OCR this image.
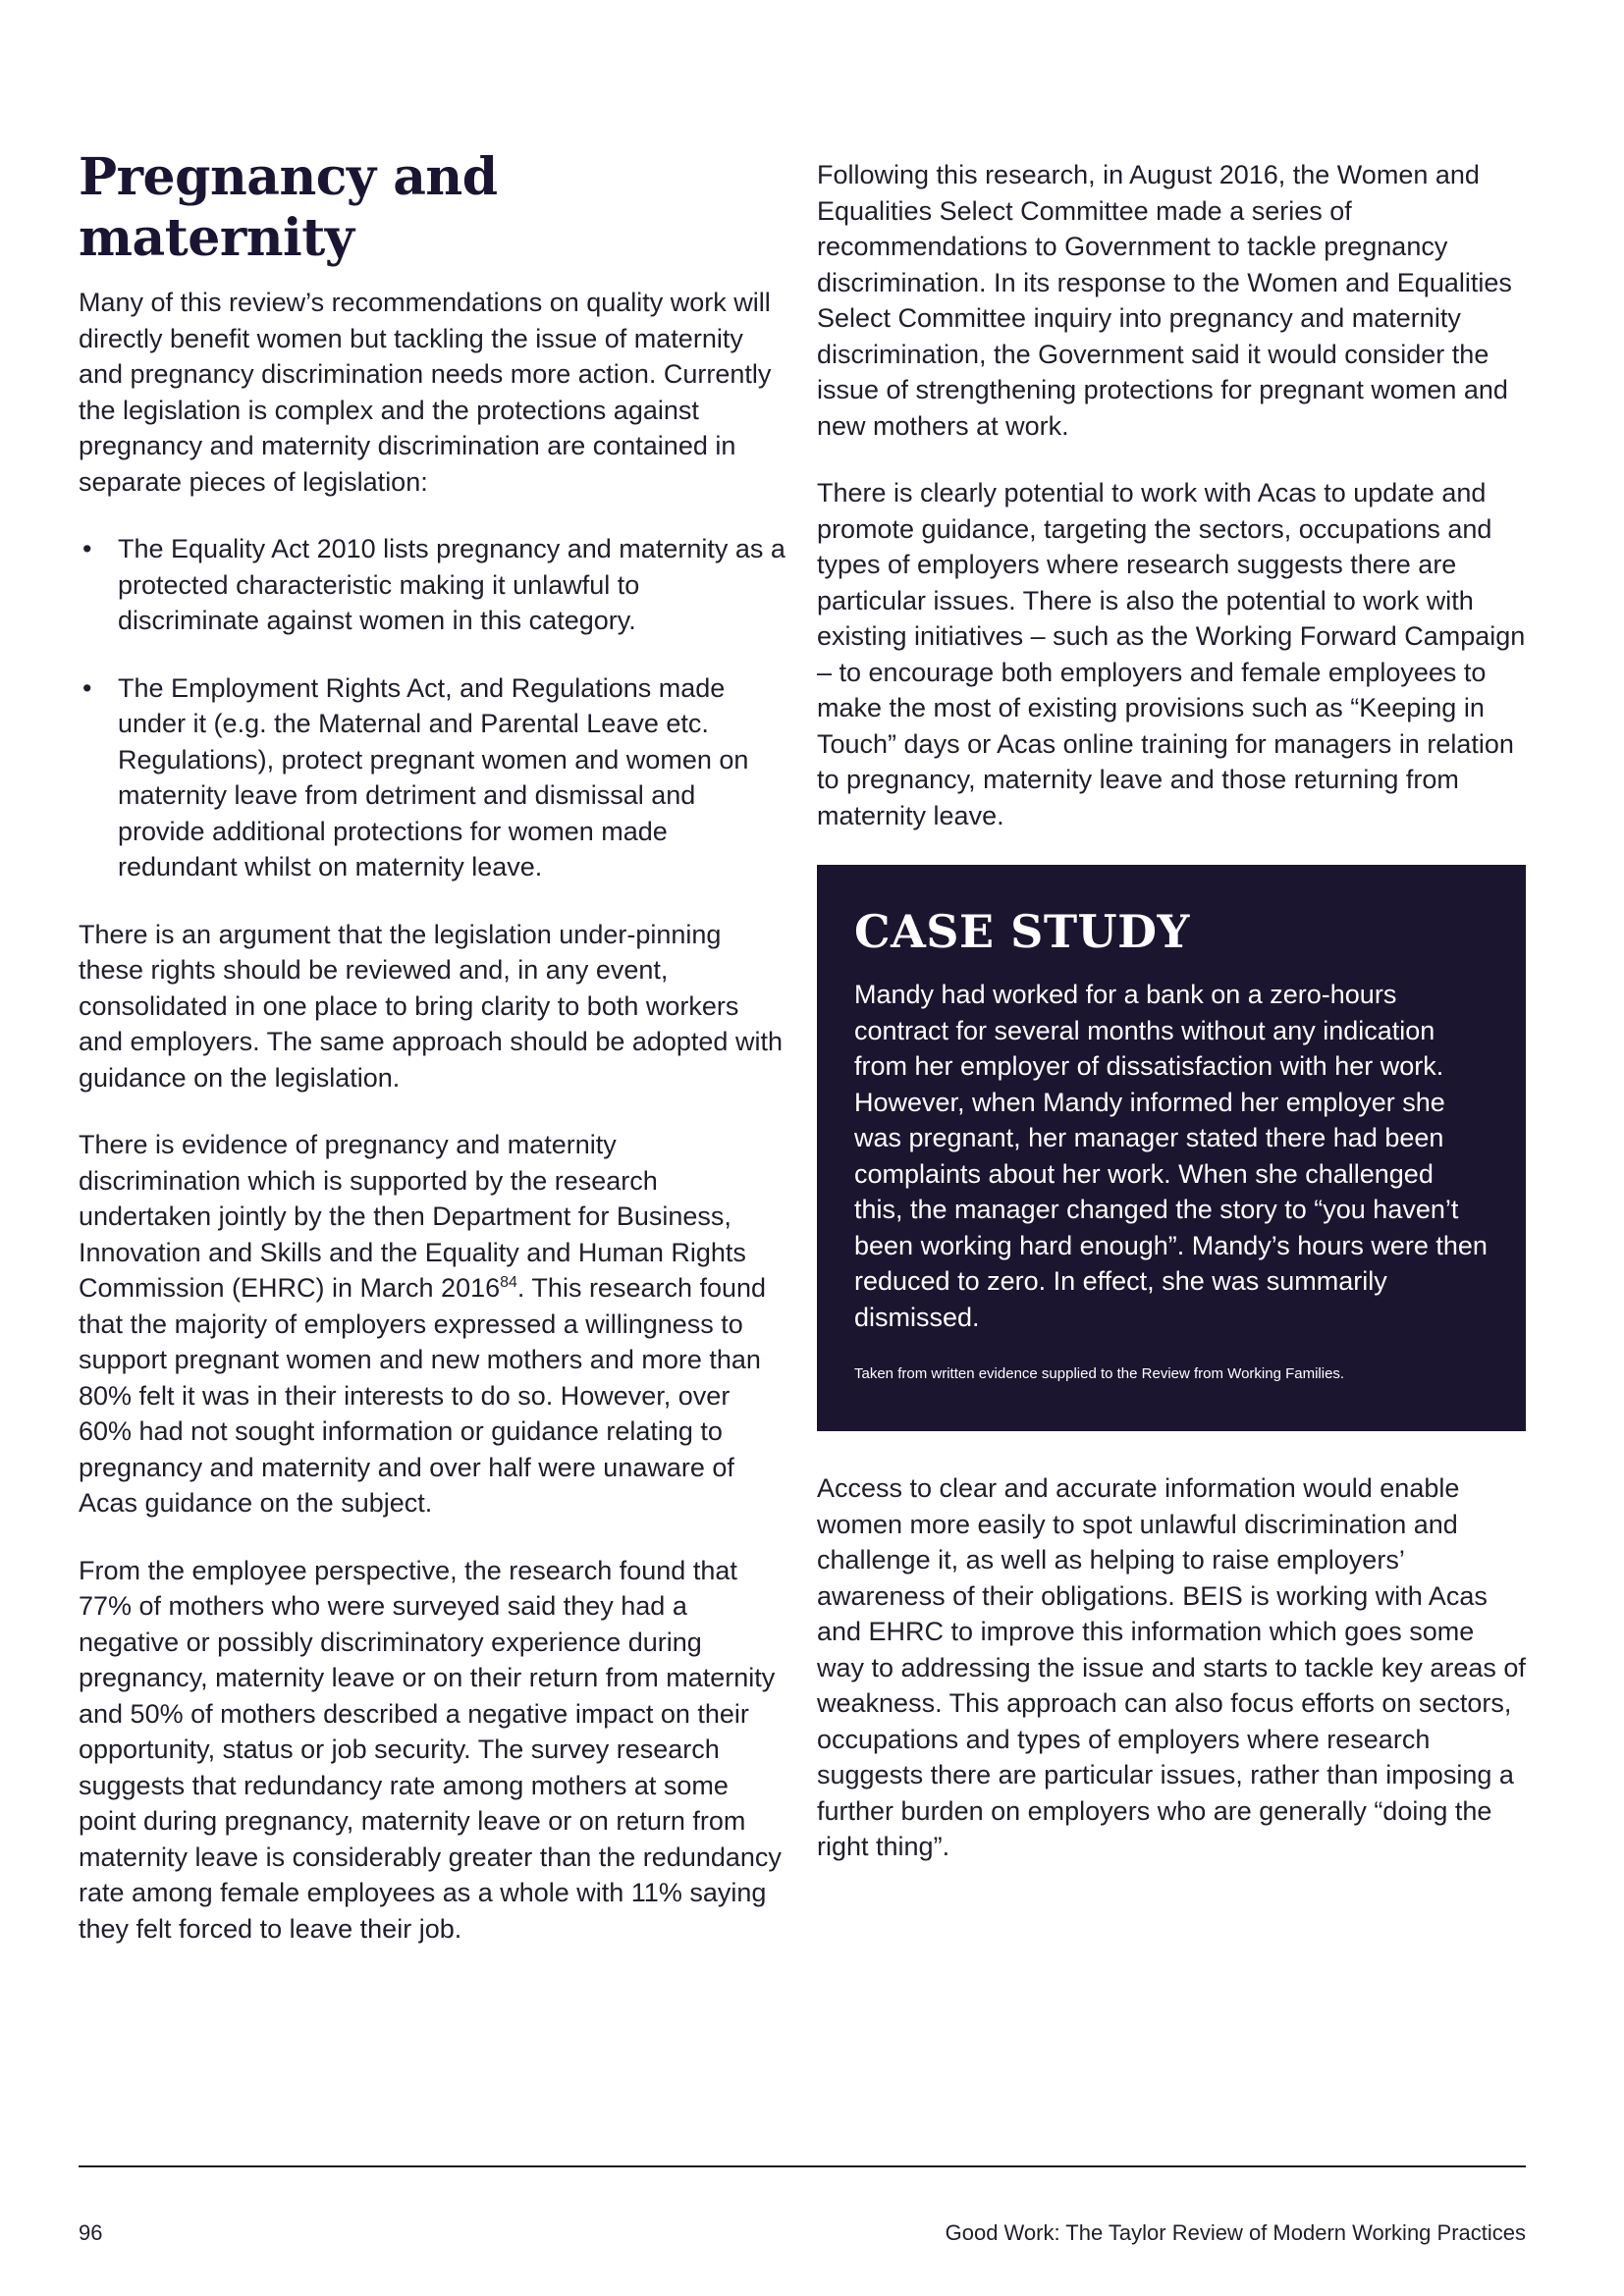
Pregnancy and maternity

Many of this review’s recommendations on quality work will directly benefit women but tackling the issue of maternity and pregnancy discrimination needs more action. Currently the legislation is complex and the protections against pregnancy and maternity discrimination are contained in separate pieces of legislation:

• The Equality Act 2010 lists pregnancy and maternity as a protected characteristic making it unlawful to discriminate against women in this category.
• The Employment Rights Act, and Regulations made under it (e.g. the Maternal and Parental Leave etc. Regulations), protect pregnant women and women on maternity leave from detriment and dismissal and provide additional protections for women made redundant whilst on maternity leave.

There is an argument that the legislation under-pinning these rights should be reviewed and, in any event, consolidated in one place to bring clarity to both workers and employers. The same approach should be adopted with guidance on the legislation.

There is evidence of pregnancy and maternity discrimination which is supported by the research undertaken jointly by the then Department for Business, Innovation and Skills and the Equality and Human Rights Commission (EHRC) in March 2016$^{84}$. This research found that the majority of employers expressed a willingness to support pregnant women and new mothers and more than 80% felt it was in their interests to do so. However, over 60% had not sought information or guidance relating to pregnancy and maternity and over half were unaware of Acas guidance on the subject.

From the employee perspective, the research found that 77% of mothers who were surveyed said they had a negative or possibly discriminatory experience during pregnancy, maternity leave or on their return from maternity and 50% of mothers described a negative impact on their opportunity, status or job security. The survey research suggests that redundancy rate among mothers at some point during pregnancy, maternity leave or on return from maternity leave is considerably greater than the redundancy rate among female employees as a whole with 11% saying they felt forced to leave their job.

Following this research, in August 2016, the Women and Equalities Select Committee made a series of recommendations to Government to tackle pregnancy discrimination. In its response to the Women and Equalities Select Committee inquiry into pregnancy and maternity discrimination, the Government said it would consider the issue of strengthening protections for pregnant women and new mothers at work.

There is clearly potential to work with Acas to update and promote guidance, targeting the sectors, occupations and types of employers where research suggests there are particular issues. There is also the potential to work with existing initiatives – such as the Working Forward Campaign – to encourage both employers and female employees to make the most of existing provisions such as “Keeping in Touch” days or Acas online training for managers in relation to pregnancy, maternity leave and those returning from maternity leave.

CASE STUDY

Mandy had worked for a bank on a zero-hours contract for several months without any indication from her employer of dissatisfaction with her work. However, when Mandy informed her employer she was pregnant, her manager stated there had been complaints about her work. When she challenged this, the manager changed the story to “you haven’t been working hard enough”. Mandy’s hours were then reduced to zero. In effect, she was summarily dismissed.

Taken from written evidence supplied to the Review from Working Families.

Access to clear and accurate information would enable women more easily to spot unlawful discrimination and challenge it, as well as helping to raise employers’ awareness of their obligations. BEIS is working with Acas and EHRC to improve this information which goes some way to addressing the issue and starts to tackle key areas of weakness. This approach can also focus efforts on sectors, occupations and types of employers where research suggests there are particular issues, rather than imposing a further burden on employers who are generally “doing the right thing”.

96	Good Work: The Taylor Review of Modern Working Practices
